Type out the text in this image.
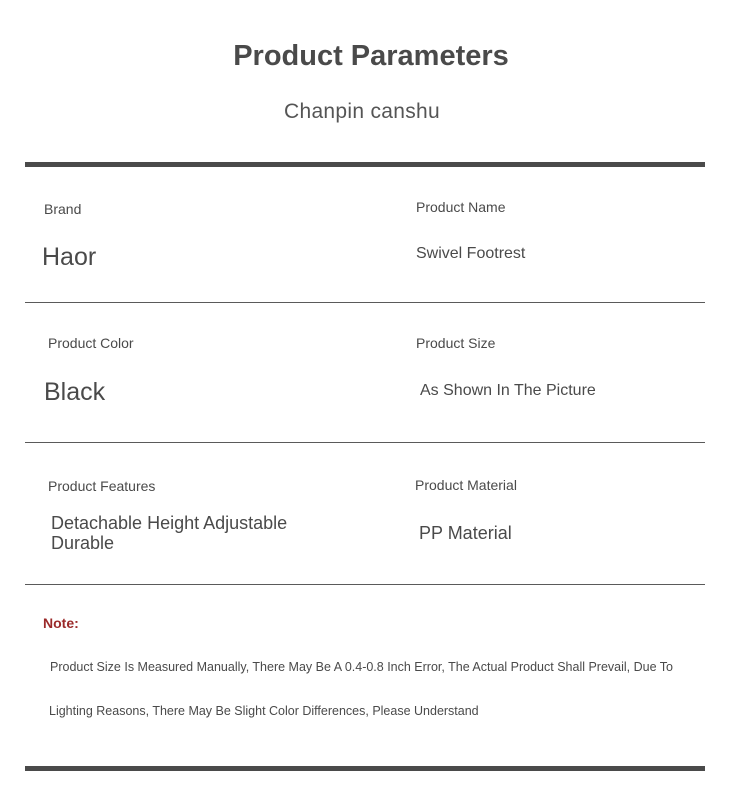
Product Parameters
Chanpin canshu
Brand
Haor
Product Name
Swivel Footrest
Product Color
Black
Product Size
As Shown In The Picture
Product Features
Detachable Height Adjustable
Durable
Product Material
PP Material
Note:
Product Size Is Measured Manually, There May Be A 0.4-0.8 Inch Error, The Actual Product Shall Prevail, Due To
Lighting Reasons, There May Be Slight Color Differences, Please Understand
